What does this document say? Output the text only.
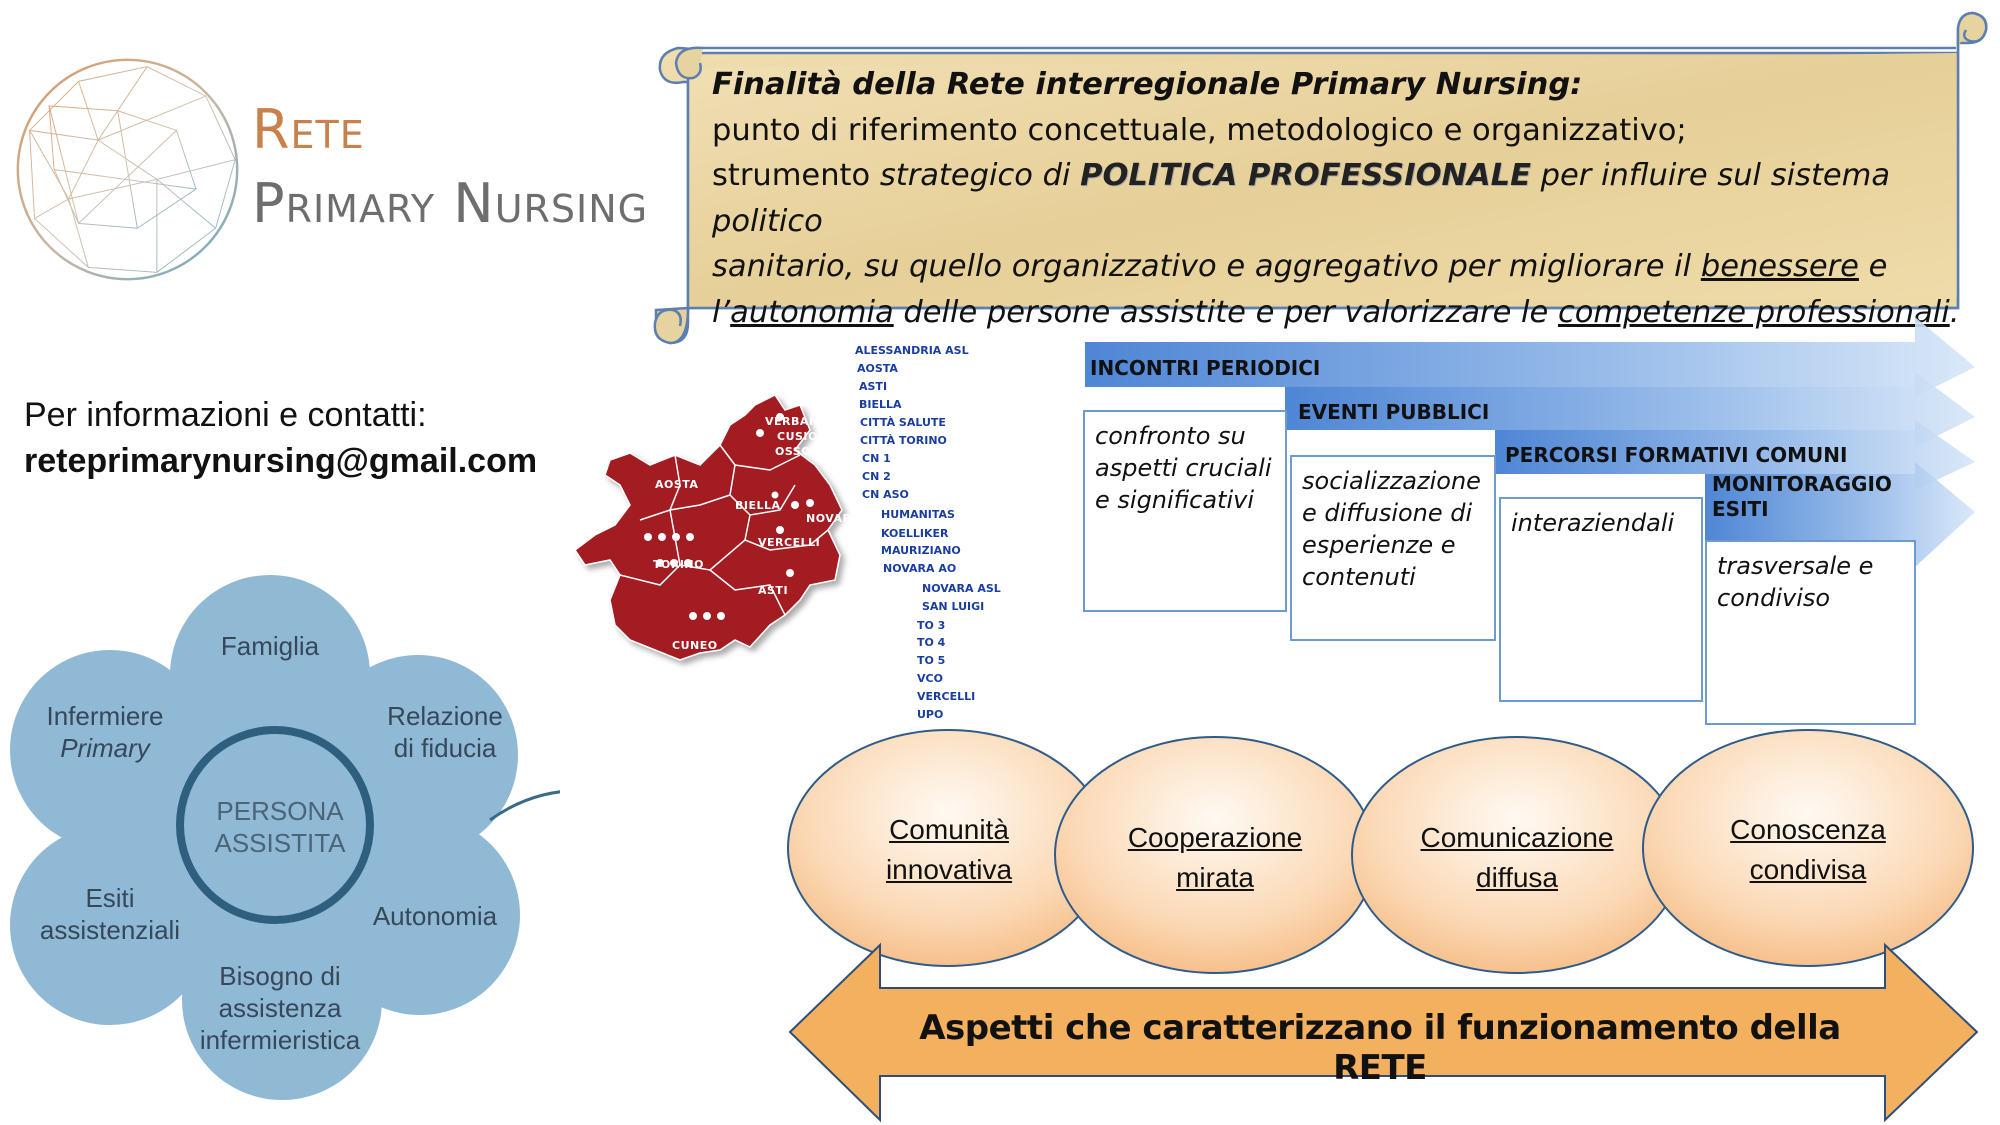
Rete
Primary Nursing
Per informazioni e contatti:
reteprimarynursing@gmail.com
Finalità della Rete interregionale Primary Nursing:
punto di riferimento concettuale, metodologico e organizzativo;
strumento strategico di POLITICA PROFESSIONALE per influire sul sistema politico
sanitario, su quello organizzativo e aggregativo per migliorare il benessere e
l’autonomia delle persone assistite e per valorizzare le competenze professionali.
Famiglia
Relazione
di fiducia
Autonomia
Bisogno di
assistenza
infermieristica
Esiti
assistenziali
Infermiere
Primary
PERSONA ASSISTITA
VERBANO-
CUSIO-
OSSOLA
AOSTA
BIELLA
NOVARA
VERCELLI
TORINO
ASTI
ALESSANDRIA
CUNEO
ALESSANDRIA ASL
AOSTA
ASTI
BIELLA
CITTÀ SALUTE
CITTÀ TORINO
CN 1
CN 2
CN ASO
HUMANITAS
KOELLIKER
MAURIZIANO
NOVARA AO
NOVARA ASL
SAN LUIGI
TO 3
TO 4
TO 5
VCO
VERCELLI
UPO
INCONTRI PERIODICI
EVENTI PUBBLICI
PERCORSI FORMATIVI COMUNI
MONITORAGGIO
ESITI
confronto su
aspetti cruciali
e significativi
socializzazione
e diffusione di
esperienze e
contenuti
interaziendali
trasversale e
condiviso
Comunità
innovativa
Cooperazione
mirata
Comunicazione
diffusa
Conoscenza
condivisa
Aspetti che caratterizzano il funzionamento della RETE
